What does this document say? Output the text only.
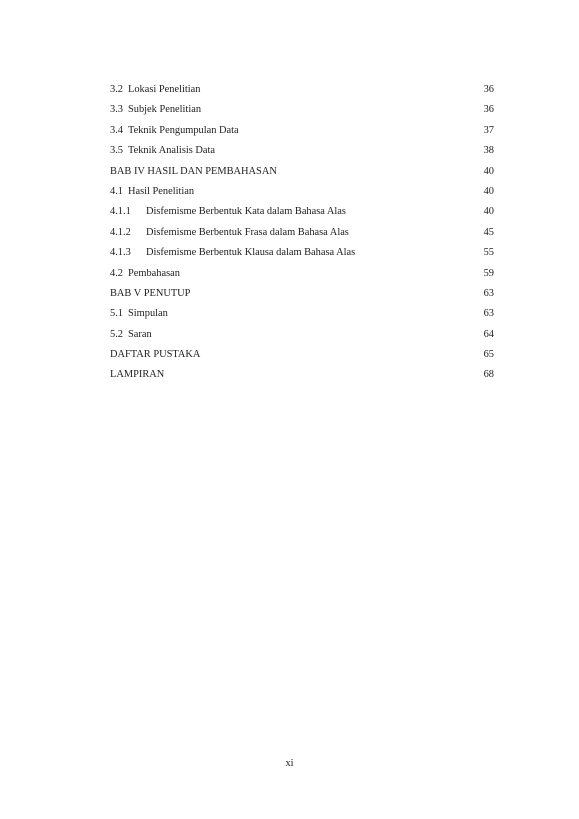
3.2 Lokasi Penelitian	36
3.3 Subjek Penelitian	36
3.4 Teknik Pengumpulan Data	37
3.5 Teknik Analisis Data	38
BAB IV HASIL DAN PEMBAHASAN	40
4.1 Hasil Penelitian	40
4.1.1	Disfemisme Berbentuk Kata dalam Bahasa Alas	40
4.1.2	Disfemisme Berbentuk Frasa dalam Bahasa Alas	45
4.1.3	Disfemisme Berbentuk Klausa dalam Bahasa Alas	55
4.2 Pembahasan	59
BAB V PENUTUP	63
5.1 Simpulan	63
5.2 Saran	64
DAFTAR PUSTAKA	65
LAMPIRAN	68
xi
